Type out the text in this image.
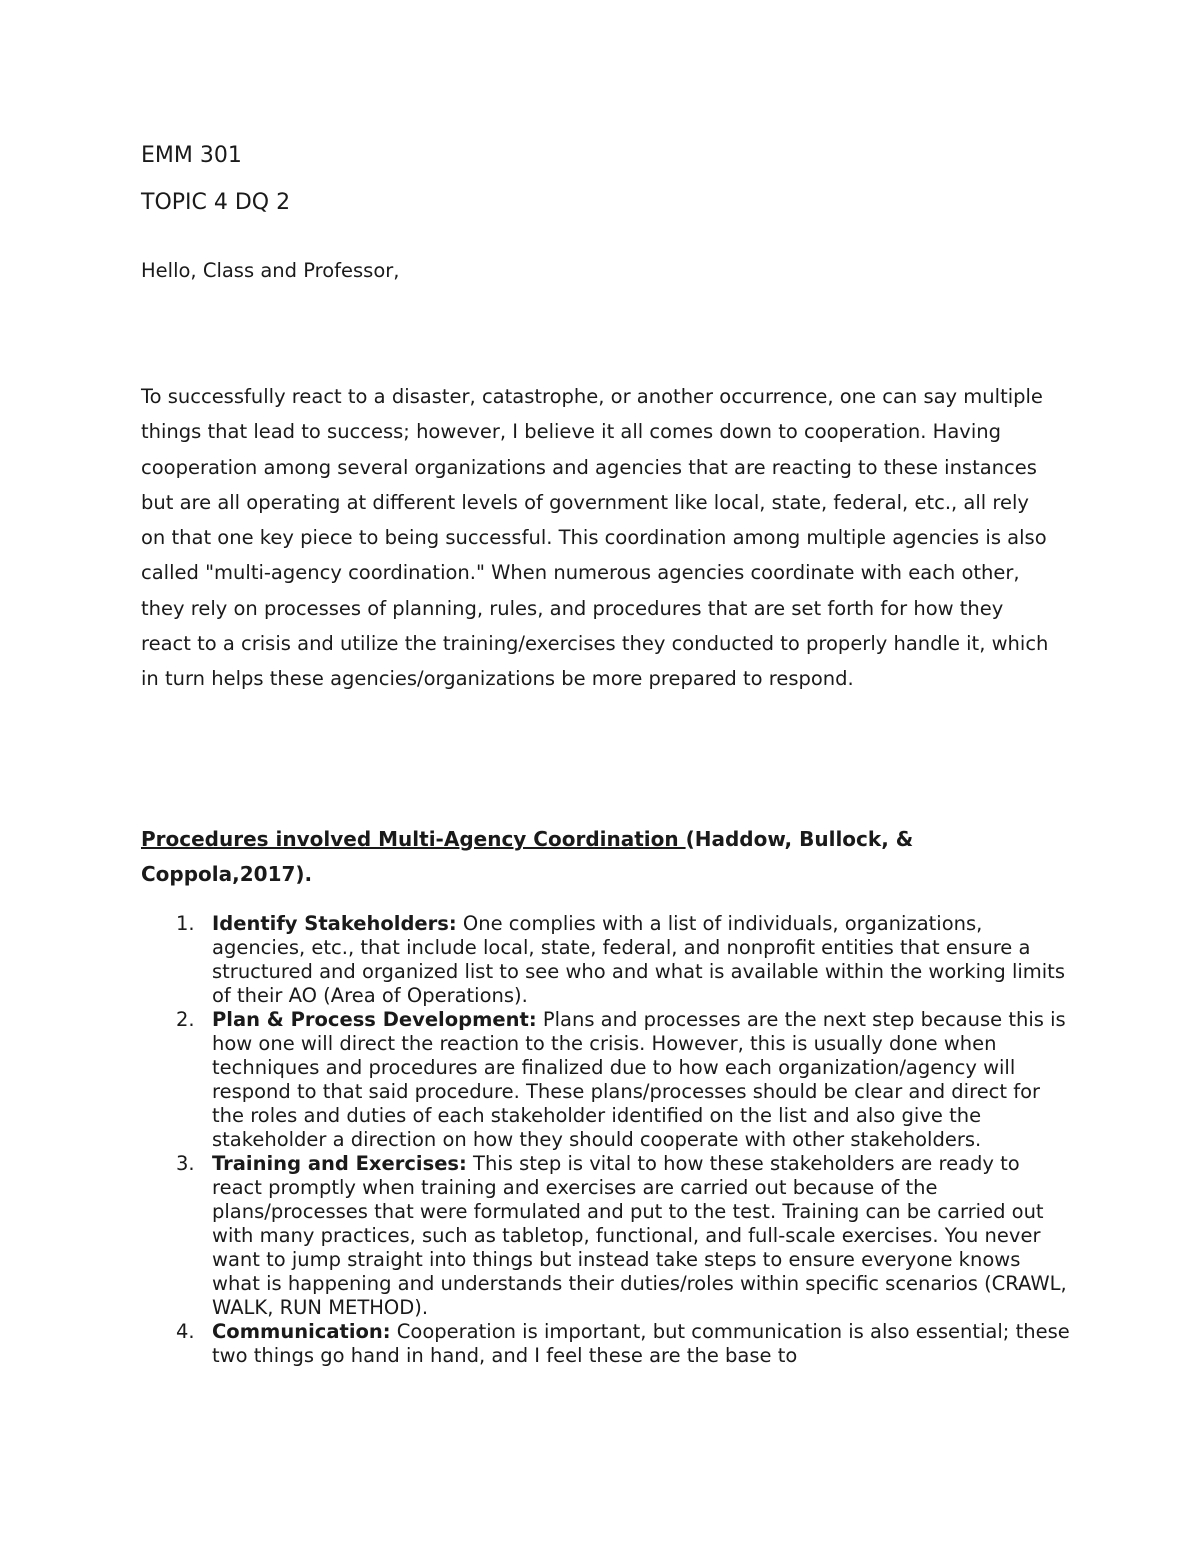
EMM 301
TOPIC 4 DQ 2

Hello, Class and Professor,

To successfully react to a disaster, catastrophe, or another occurrence, one can say multiple things that lead to success; however, I believe it all comes down to cooperation. Having cooperation among several organizations and agencies that are reacting to these instances but are all operating at different levels of government like local, state, federal, etc., all rely on that one key piece to being successful. This coordination among multiple agencies is also called "multi-agency coordination." When numerous agencies coordinate with each other, they rely on processes of planning, rules, and procedures that are set forth for how they react to a crisis and utilize the training/exercises they conducted to properly handle it, which in turn helps these agencies/organizations be more prepared to respond.

Procedures involved Multi-Agency Coordination (Haddow, Bullock, & Coppola,2017).

1. Identify Stakeholders: One complies with a list of individuals, organizations, agencies, etc., that include local, state, federal, and nonprofit entities that ensure a structured and organized list to see who and what is available within the working limits of their AO (Area of Operations).
2. Plan & Process Development: Plans and processes are the next step because this is how one will direct the reaction to the crisis. However, this is usually done when techniques and procedures are finalized due to how each organization/agency will respond to that said procedure. These plans/processes should be clear and direct for the roles and duties of each stakeholder identified on the list and also give the stakeholder a direction on how they should cooperate with other stakeholders.
3. Training and Exercises: This step is vital to how these stakeholders are ready to react promptly when training and exercises are carried out because of the plans/processes that were formulated and put to the test. Training can be carried out with many practices, such as tabletop, functional, and full-scale exercises. You never want to jump straight into things but instead take steps to ensure everyone knows what is happening and understands their duties/roles within specific scenarios (CRAWL, WALK, RUN METHOD).
4. Communication: Cooperation is important, but communication is also essential; these two things go hand in hand, and I feel these are the base to
